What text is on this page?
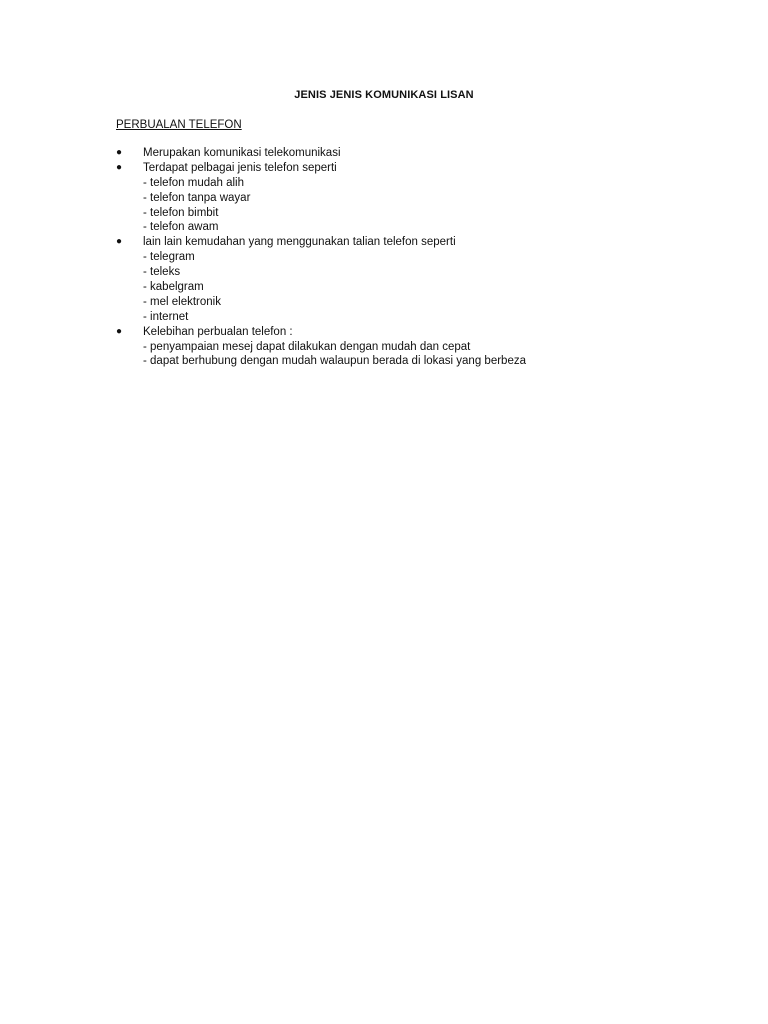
JENIS JENIS KOMUNIKASI LISAN
PERBUALAN TELEFON
● Merupakan komunikasi telekomunikasi
● Terdapat pelbagai jenis telefon seperti
- telefon mudah alih
- telefon tanpa wayar
- telefon bimbit
- telefon awam
● lain lain kemudahan yang menggunakan talian telefon seperti
- telegram
- teleks
- kabelgram
- mel elektronik
- internet
● Kelebihan perbualan telefon :
- penyampaian mesej dapat dilakukan dengan mudah dan cepat
- dapat berhubung dengan mudah walaupun berada di lokasi yang berbeza
